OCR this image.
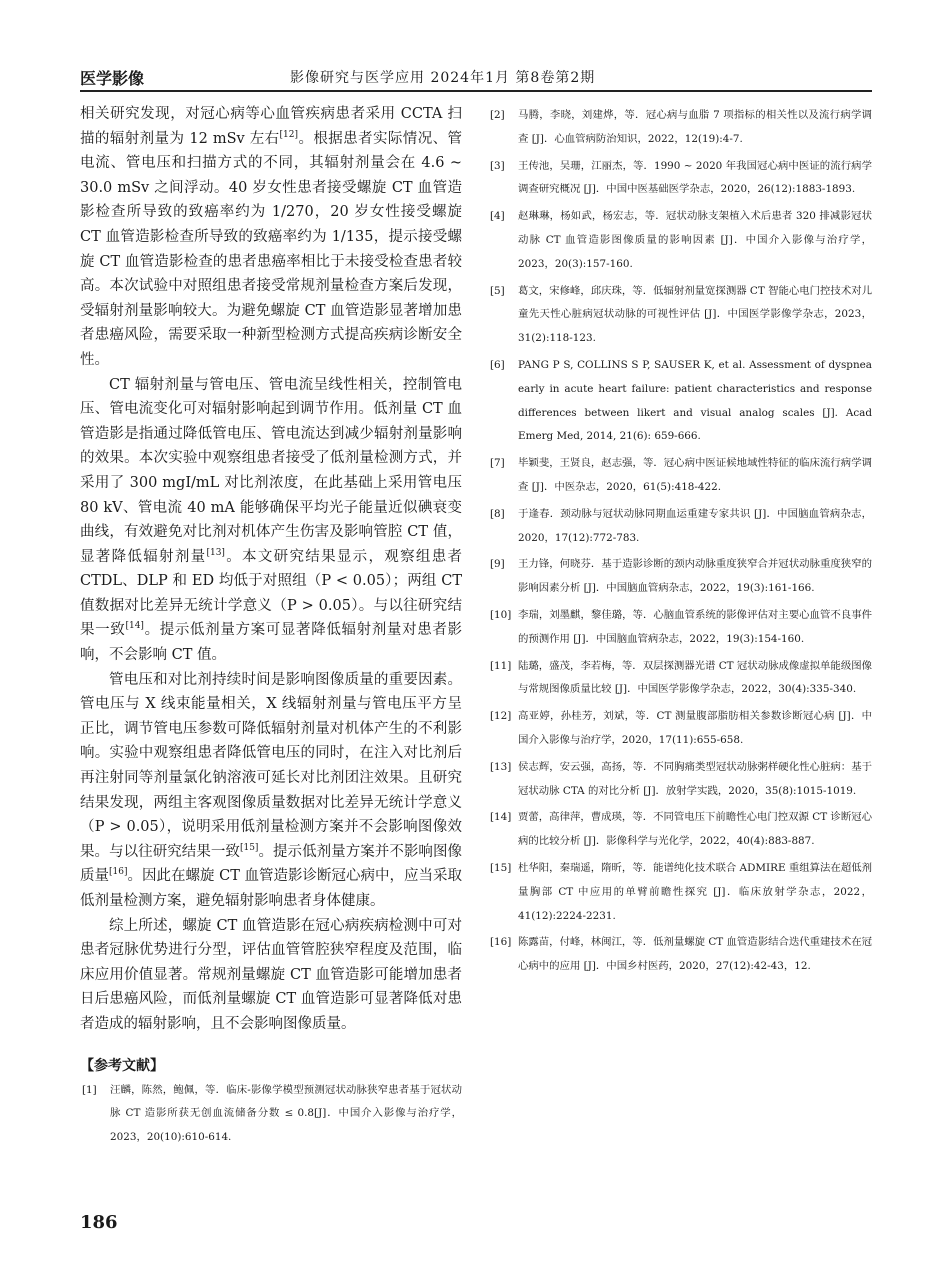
医学影像	影像研究与医学应用 2024年1月 第8卷第2期

相关研究发现，对冠心病等心血管疾病患者采用 CCTA 扫描的辐射剂量为 12 mSv 左右[12]。根据患者实际情况、管电流、管电压和扫描方式的不同，其辐射剂量会在 4.6 ~ 30.0 mSv 之间浮动。40 岁女性患者接受螺旋 CT 血管造影检查所导致的致癌率约为 1/270，20 岁女性接受螺旋 CT 血管造影检查所导致的致癌率约为 1/135，提示接受螺旋 CT 血管造影检查的患者患癌率相比于未接受检查患者较高。本次试验中对照组患者接受常规剂量检查方案后发现，受辐射剂量影响较大。为避免螺旋 CT 血管造影显著增加患者患癌风险，需要采取一种新型检测方式提高疾病诊断安全性。

CT 辐射剂量与管电压、管电流呈线性相关，控制管电压、管电流变化可对辐射影响起到调节作用。低剂量 CT 血管造影是指通过降低管电压、管电流达到减少辐射剂量影响的效果。本次实验中观察组患者接受了低剂量检测方式，并采用了 300 mgI/mL 对比剂浓度，在此基础上采用管电压 80 kV、管电流 40 mA 能够确保平均光子能量近似碘衰变曲线，有效避免对比剂对机体产生伤害及影响管腔 CT 值，显著降低辐射剂量[13]。本文研究结果显示，观察组患者 CTDL、DLP 和 ED 均低于对照组（P < 0.05）；两组 CT 值数据对比差异无统计学意义（P > 0.05）。与以往研究结果一致[14]。提示低剂量方案可显著降低辐射剂量对患者影响，不会影响 CT 值。

管电压和对比剂持续时间是影响图像质量的重要因素。管电压与 X 线束能量相关，X 线辐射剂量与管电压平方呈正比，调节管电压参数可降低辐射剂量对机体产生的不利影响。实验中观察组患者降低管电压的同时，在注入对比剂后再注射同等剂量氯化钠溶液可延长对比剂团注效果。且研究结果发现，两组主客观图像质量数据对比差异无统计学意义（P > 0.05），说明采用低剂量检测方案并不会影响图像效果。与以往研究结果一致[15]。提示低剂量方案并不影响图像质量[16]。因此在螺旋 CT 血管造影诊断冠心病中，应当采取低剂量检测方案，避免辐射影响患者身体健康。

综上所述，螺旋 CT 血管造影在冠心病疾病检测中可对患者冠脉优势进行分型，评估血管管腔狭窄程度及范围，临床应用价值显著。常规剂量螺旋 CT 血管造影可能增加患者日后患癌风险，而低剂量螺旋 CT 血管造影可显著降低对患者造成的辐射影响，且不会影响图像质量。

【参考文献】
[1] 汪麟，陈然，鲍佩，等．临床-影像学模型预测冠状动脉狭窄患者基于冠状动脉 CT 造影所获无创血流储备分数 ≤ 0.8[J]．中国介入影像与治疗学，2023，20(10):610-614.
[2] 马腾，李晓，刘建烨，等．冠心病与血脂 7 项指标的相关性以及流行病学调查 [J]．心血管病防治知识，2022，12(19):4-7.
[3] 王传池，吴珊，江丽杰，等．1990 ~ 2020 年我国冠心病中医证的流行病学调查研究概况 [J]．中国中医基础医学杂志，2020，26(12):1883-1893.
[4] 赵琳琳，杨如武，杨宏志，等．冠状动脉支架植入术后患者 320 排减影冠状动脉 CT 血管造影图像质量的影响因素 [J]．中国介入影像与治疗学，2023，20(3):157-160.
[5] 葛文，宋修峰，邱庆珠，等．低辐射剂量宽探测器 CT 智能心电门控技术对儿童先天性心脏病冠状动脉的可视性评估 [J]．中国医学影像学杂志，2023，31(2):118-123.
[6] PANG P S, COLLINS S P, SAUSER K, et al. Assessment of dyspnea early in acute heart failure: patient characteristics and response differences between likert and visual analog scales [J]. Acad Emerg Med, 2014, 21(6): 659-666.
[7] 毕颖斐，王贤良，赵志强，等．冠心病中医证候地域性特征的临床流行病学调查 [J]．中医杂志，2020，61(5):418-422.
[8] 于逢春．颈动脉与冠状动脉同期血运重建专家共识 [J]．中国脑血管病杂志，2020，17(12):772-783.
[9] 王力锋，何晓芬．基于造影诊断的颈内动脉重度狭窄合并冠状动脉重度狭窄的影响因素分析 [J]．中国脑血管病杂志，2022，19(3):161-166.
[10] 李瑞，刘墨麒，黎佳璐，等．心脑血管系统的影像评估对主要心血管不良事件的预测作用 [J]．中国脑血管病杂志，2022，19(3):154-160.
[11] 陆璐，盛茂，李若梅，等．双层探测器光谱 CT 冠状动脉成像虚拟单能级图像与常规图像质量比较 [J]．中国医学影像学杂志，2022，30(4):335-340.
[12] 高亚婷，孙桂芳，刘斌，等．CT 测量腹部脂肪相关参数诊断冠心病 [J]．中国介入影像与治疗学，2020，17(11):655-658.
[13] 侯志辉，安云强，高扬，等．不同胸痛类型冠状动脉粥样硬化性心脏病：基于冠状动脉 CTA 的对比分析 [J]．放射学实践，2020，35(8):1015-1019.
[14] 贾蕾，高律萍，曹成瑛，等．不同管电压下前瞻性心电门控双源 CT 诊断冠心病的比较分析 [J]．影像科学与光化学，2022，40(4):883-887.
[15] 杜华阳，秦瑞遥，隋昕，等．能谱纯化技术联合 ADMIRE 重组算法在超低剂量胸部 CT 中应用的单臂前瞻性探究 [J]．临床放射学杂志，2022，41(12):2224-2231.
[16] 陈露苗，付峰，林闽江，等．低剂量螺旋 CT 血管造影结合迭代重建技术在冠心病中的应用 [J]．中国乡村医药，2020，27(12):42-43，12.
186
